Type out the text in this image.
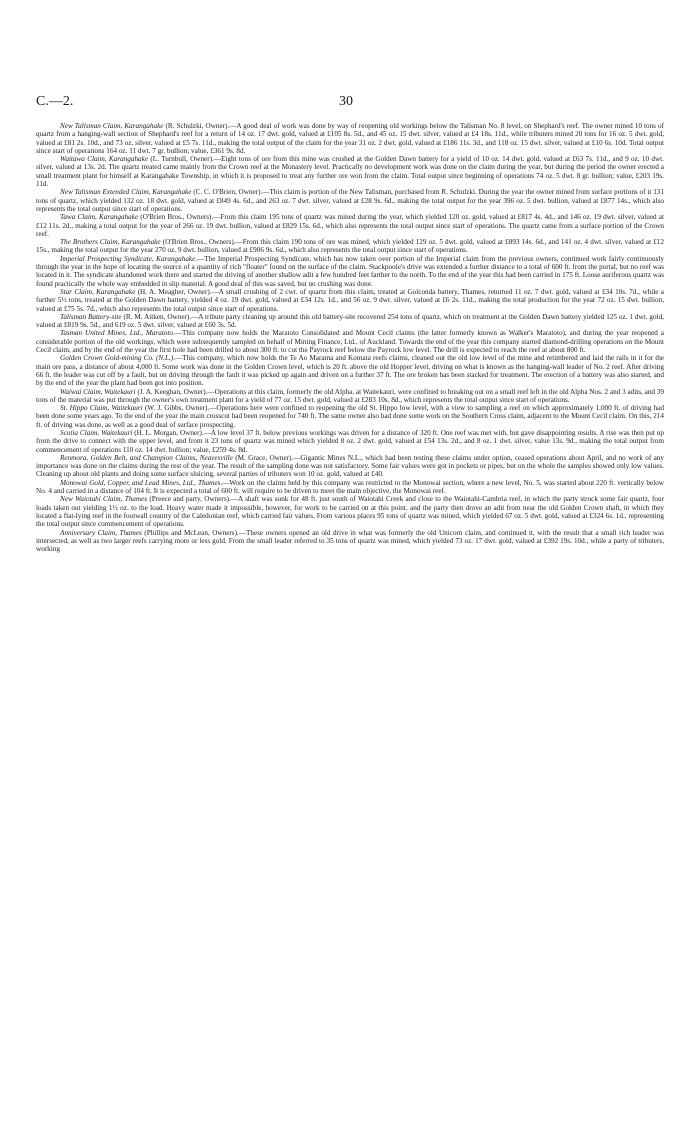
C.—2.	30

New Talisman Claim, Karangahake (R. Schulzki, Owner).—A good deal of work was done by way of reopening old workings below the Talisman No. 8 level, on Shephard's reef. The owner mined 10 tons of quartz from a hanging-wall section of Shephard's reef for a return of 14 oz. 17 dwt. gold, valued at £105 8s. 5d., and 45 oz. 15 dwt. silver, valued at £4 18s. 11d., while tributers mined 20 tons for 16 oz. 5 dwt. gold, valued at £81 2s. 10d., and 73 oz. silver, valued at £5 7s. 11d., making the total output of the claim for the year 31 oz. 2 dwt. gold, valued at £186 11s. 3d., and 118 oz. 15 dwt. silver, valued at £10 6s. 10d. Total output since start of operations 164 oz. 11 dwt. 7 gr. bullion; value, £361 9s. 8d.

Waitawa Claim, Karangahake (L. Turnbull, Owner).—Eight tons of ore from this mine was crushed at the Golden Dawn battery for a yield of 10 oz. 14 dwt. gold, valued at £63 7s. 11d., and 9 oz. 10 dwt. silver, valued at 13s. 2d. The quartz treated came mainly from the Crown reef at the Monastery level. Practically no development work was done on the claim during the year, but during the period the owner erected a small treatment plant for himself at Karangahake Township, in which it is proposed to treat any further ore won from the claim. Total output since beginning of operations 74 oz. 5 dwt. 8 gr. bullion; value, £203 19s. 11d.

New Talisman Extended Claim, Karangahake (C. C. O'Brien, Owner).—This claim is portion of the New Talisman, purchased from R. Schulzki. During the year the owner mined from surface portions of it 131 tons of quartz, which yielded 132 oz. 18 dwt. gold, valued at £849 4s. 6d., and 263 oz. 7 dwt. silver, valued at £28 9s. 6d., making the total output for the year 396 oz. 5 dwt. bullion, valued at £877 14s., which also represents the total output since start of operations.

Tawa Claim, Karangahake (O'Brien Bros., Owners).—From this claim 195 tons of quartz was mined during the year, which yielded 120 oz. gold, valued at £817 4s. 4d., and 146 oz. 19 dwt. silver, valued at £12 11s. 2d., making a total output for the year of 266 oz. 19 dwt. bullion, valued at £829 15s. 6d., which also represents the total output since start of operations. The quartz came from a surface portion of the Crown reef.

The Brothers Claim, Karangahake (O'Brien Bros., Owners).—From this claim 190 tons of ore was mined, which yielded 129 oz. 5 dwt. gold, valued at £893 14s. 6d., and 141 oz. 4 dwt. silver, valued at £12 15s., making the total output for the year 270 oz. 9 dwt. bullion, valued at £906 9s. 6d., which also represents the total output since start of operations.

Imperial Prospecting Syndicate, Karangahake.—The Imperial Prospecting Syndicate, which has now taken over portion of the Imperial claim from the previous owners, continued work fairly continuously through the year in the hope of locating the source of a quantity of rich "floater" found on the surface of the claim. Stackpoole's drive was extended a further distance to a total of 600 ft. from the portal, but no reef was located in it. The syndicate abandoned work there and started the driving of another shallow adit a few hundred feet farther to the north. To the end of the year this had been carried in 175 ft. Loose auriferous quartz was found practically the whole way embedded in slip material. A good deal of this was saved, but no crushing was done.

Star Claim, Karangahake (H. A. Meagher, Owner).—A small crushing of 2 cwt. of quartz from this claim, treated at Golconda battery, Thames, returned 11 oz. 7 dwt. gold, valued at £34 10s. 7d., while a further 5½ tons, treated at the Golden Dawn battery, yielded 4 oz. 19 dwt. gold, valued at £34 12s. 1d., and 56 oz. 9 dwt. silver, valued at £6 2s. 11d., making the total production for the year 72 oz. 15 dwt. bullion, valued at £75 5s. 7d., which also represents the total output since start of operations.

Talisman Battery-site (R. M. Aitken, Owner).—A tribute party cleaning up around this old battery-site recovered 254 tons of quartz, which on treatment at the Golden Dawn battery yielded 125 oz. 1 dwt. gold, valued at £819 9s. 5d., and 619 oz. 5 dwt. silver, valued at £60 3s. 5d.

Tasman United Mines, Ltd., Maratoto.—This company now holds the Maratoto Consolidated and Mount Cecil claims (the latter formerly known as Walker's Maratoto), and during the year reopened a considerable portion of the old workings, which were subsequently sampled on behalf of Mining Finance, Ltd., of Auckland. Towards the end of the year this company started diamond-drilling operations on the Mount Cecil claim, and by the end of the year the first hole had been drilled to about 300 ft. to cut the Payrock reef below the Payrock low level. The drill is expected to reach the reef at about 800 ft.

Golden Crown Gold-mining Co. (N.L.).—This company, which now holds the Te Ao Marama and Komata reefs claims, cleaned out the old low level of the mine and retimbered and laid the rails in it for the main ore pass, a distance of about 4,000 ft. Some work was done in the Golden Crown level, which is 20 ft. above the old Hopper level, driving on what is known as the hanging-wall leader of No. 2 reef. After driving 66 ft. the leader was cut off by a fault, but on driving through the fault it was picked up again and driven on a further 37 ft. The ore broken has been stacked for treatment. The erection of a battery was also started, and by the end of the year the plant had been got into position.

Waiwai Claim, Waitekauri (J. A. Keeghan, Owner).—Operations at this claim, formerly the old Alpha, at Waitekauri, were confined to breaking out on a small reef left in the old Alpha Nos. 2 and 3 adits, and 39 tons of the material was put through the owner's own treatment plant for a yield of 77 oz. 15 dwt. gold, valued at £283 10s. 8d., which represents the total output since start of operations.

St. Hippo Claim, Waitekauri (W. J. Gibbs, Owner).—Operations here were confined to reopening the old St. Hippo low level, with a view to sampling a reef on which approximately 1,000 ft. of driving had been done some years ago. To the end of the year the main crosscut had been reopened for 740 ft. The same owner also had done some work on the Southern Cross claim, adjacent to the Mount Cecil claim. On this, 214 ft. of driving was done, as well as a good deal of surface prospecting.

Scotia Claim, Waitekauri (H. L. Morgan, Owner).—A low level 37 ft. below previous workings was driven for a distance of 320 ft. One reef was met with, but gave disappointing results. A rise was then put up from the drive to connect with the upper level, and from it 23 tons of quartz was mined which yielded 8 oz. 2 dwt. gold, valued at £54 13s. 2d., and 8 oz. 1 dwt. silver, value 13s. 9d., making the total output from commencement of operations 110 oz. 14 dwt. bullion; value, £259 4s. 8d.

Renmora, Golden Belt, and Champion Claims, Neavesville (M. Grace, Owner).—Gigantic Mines N.L., which had been testing these claims under option, ceased operations about April, and no work of any importance was done on the claims during the rest of the year. The result of the sampling done was not satisfactory. Some fair values were got in pockets or pipes, but on the whole the samples showed only low values. Cleaning up about old plants and doing some surface sluicing, several parties of tributers won 10 oz. gold, valued at £40.

Monowai Gold, Copper, and Lead Mines, Ltd., Thames.—Work on the claims held by this company was restricted to the Monowai section, where a new level, No. 5, was started about 220 ft. vertically below No. 4 and carried in a distance of 104 ft. It is expected a total of 600 ft. will require to be driven to meet the main objective, the Monowai reef.

New Waiotahi Claim, Thames (Preece and party, Owners).—A shaft was sunk for 48 ft. just south of Waiotahi Creek and close to the Waiotahi-Cambria reef, in which the party struck some fair quartz, four loads taken out yielding 1½ oz. to the load. Heavy water made it impossible, however, for work to be carried on at this point, and the party then drove an adit from near the old Golden Crown shaft, in which they located a flat-lying reef in the footwall country of the Caledonian reef, which carried fair values. From various places 95 tons of quartz was mined, which yielded 67 oz. 5 dwt. gold, valued at £324 6s. 1d., representing the total output since commencement of operations.

Anniversary Claim, Thames (Phillips and McLean, Owners).—These owners opened an old drive in what was formerly the old Unicorn claim, and continued it, with the result that a small rich leader was intersected, as well as two larger reefs carrying more or less gold. From the small leader referred to 35 tons of quartz was mined, which yielded 73 oz. 17 dwt. gold, valued at £392 19s. 10d., while a party of tributers, working
